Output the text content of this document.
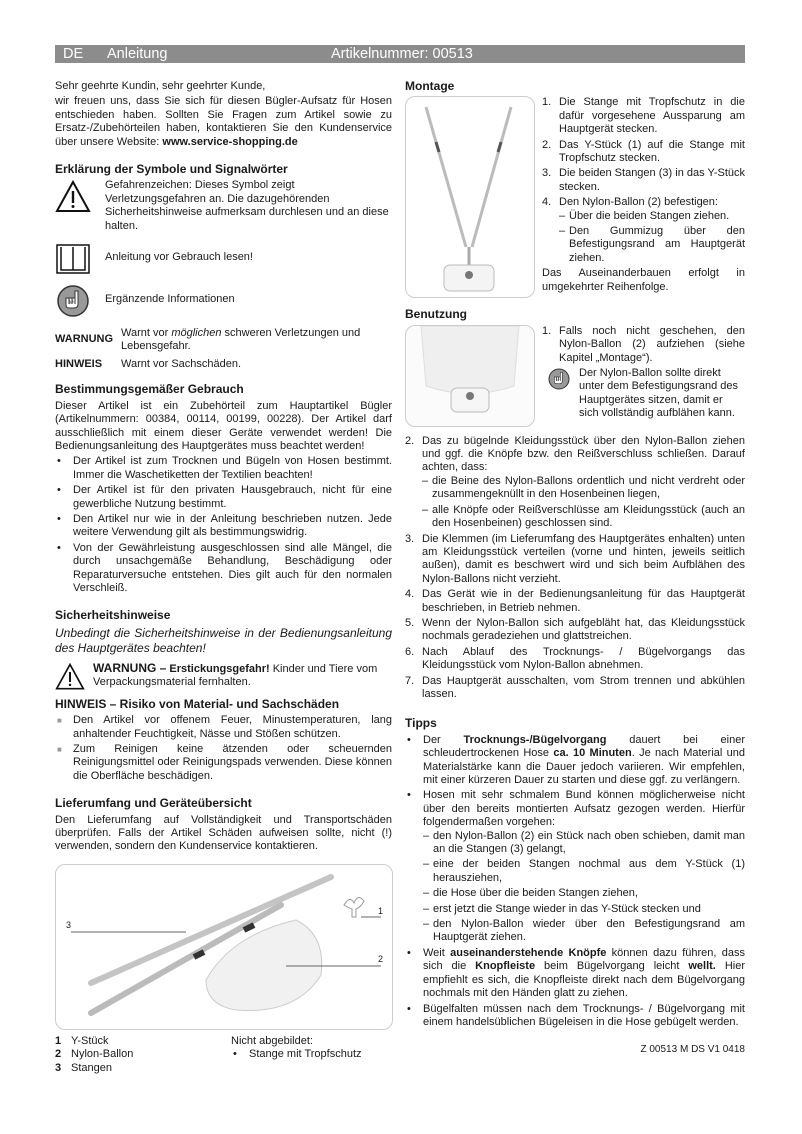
DE Anleitung	Artikelnummer: 00513

Sehr geehrte Kundin, sehr geehrter Kunde,

wir freuen uns, dass Sie sich für diesen Bügler-Aufsatz für Hosen entschieden haben. Sollten Sie Fragen zum Artikel sowie zu Ersatz-/Zubehörteilen haben, kontaktieren Sie den Kundenservice über unsere Website: www.service-shopping.de

Erklärung der Symbole und Signalwörter

Gefahrenzeichen: Dieses Symbol zeigt Verletzungsgefahren an. Die dazugehörenden Sicherheitshinweise aufmerksam durchlesen und an diese halten.

Anleitung vor Gebrauch lesen!

Ergänzende Informationen

WARNUNG Warnt vor möglichen schweren Verletzungen und Lebensgefahr.
HINWEIS	Warnt vor Sachschäden.
Bestimmungsgemäßer Gebrauch

Dieser Artikel ist ein Zubehörteil zum Hauptartikel Bügler (Artikelnummern: 00384, 00114, 00199, 00228). Der Artikel darf ausschließlich mit einem dieser Geräte verwendet werden! Die Bedienungsanleitung des Hauptgerätes muss beachtet werden!

• Der Artikel ist zum Trocknen und Bügeln von Hosen bestimmt. Immer die Waschetiketten der Textilien beachten!
• Der Artikel ist für den privaten Hausgebrauch, nicht für eine gewerbliche Nutzung bestimmt.
• Den Artikel nur wie in der Anleitung beschrieben nutzen. Jede weitere Verwendung gilt als bestimmungswidrig.
• Von der Gewährleistung ausgeschlossen sind alle Mängel, die durch unsachgemäße Behandlung, Beschädigung oder Reparaturversuche entstehen. Dies gilt auch für den normalen Verschleiß.
Sicherheitshinweise

Unbedingt die Sicherheitshinweise in der Bedienungsanleitung des Hauptgerätes beachten!

WARNUNG – Erstickungsgefahr! Kinder und Tiere vom Verpackungsmaterial fernhalten.

HINWEIS – Risiko von Material- und Sachschäden
■ Den Artikel vor offenem Feuer, Minustemperaturen, lang anhaltender Feuchtigkeit, Nässe und Stößen schützen.
■ Zum Reinigen keine ätzenden oder scheuernden Reinigungsmittel oder Reinigungspads verwenden. Diese können die Oberfläche beschädigen.
Lieferumfang und Geräteübersicht

Den Lieferumfang auf Vollständigkeit und Transportschäden überprüfen. Falls der Artikel Schäden aufweisen sollte, nicht (!) verwenden, sondern den Kundenservice kontaktieren.

3
1
2
1 Y-Stück
2 Nylon-Ballon
3 Stangen
Nicht abgebildet:
• Stange mit Tropfschutz
Montage
1. Die Stange mit Tropfschutz in die dafür vorgesehene Aussparung am Hauptgerät stecken.
2. Das Y-Stück (1) auf die Stange mit Tropfschutz stecken.
3. Die beiden Stangen (3) in das Y-Stück stecken.
4. Den Nylon-Ballon (2) befestigen:
– Über die beiden Stangen ziehen.
– Den Gummizug über den Befestigungsrand am Hauptgerät ziehen.

Das Auseinanderbauen erfolgt in umgekehrter Reihenfolge.

Benutzung
1. Falls noch nicht geschehen, den Nylon-Ballon (2) aufziehen (siehe Kapitel „Montage“).

Der Nylon-Ballon sollte direkt unter dem Befestigungsrand des Hauptgerätes sitzen, damit er sich vollständig aufblähen kann.

2. Das zu bügelnde Kleidungsstück über den Nylon-Ballon ziehen und ggf. die Knöpfe bzw. den Reißverschluss schließen. Darauf achten, dass:
– die Beine des Nylon-Ballons ordentlich und nicht verdreht oder zusammengeknüllt in den Hosenbeinen liegen,
– alle Knöpfe oder Reißverschlüsse am Kleidungsstück (auch an den Hosenbeinen) geschlossen sind.
3. Die Klemmen (im Lieferumfang des Hauptgerätes enhalten) unten am Kleidungsstück verteilen (vorne und hinten, jeweils seitlich außen), damit es beschwert wird und sich beim Aufblähen des Nylon-Ballons nicht verzieht.
4. Das Gerät wie in der Bedienungsanleitung für das Hauptgerät beschrieben, in Betrieb nehmen.
5. Wenn der Nylon-Ballon sich aufgebläht hat, das Kleidungsstück nochmals geradeziehen und glattstreichen.
6. Nach Ablauf des Trocknungs- / Bügelvorgangs das Kleidungsstück vom Nylon-Ballon abnehmen.
7. Das Hauptgerät ausschalten, vom Strom trennen und abkühlen lassen.
Tipps
• Der Trocknungs-/Bügelvorgang dauert bei einer schleudertrockenen Hose ca. 10 Minuten. Je nach Material und Materialstärke kann die Dauer jedoch variieren. Wir empfehlen, mit einer kürzeren Dauer zu starten und diese ggf. zu verlängern.
• Hosen mit sehr schmalem Bund können möglicherweise nicht über den bereits montierten Aufsatz gezogen werden. Hierfür folgendermaßen vorgehen:
– den Nylon-Ballon (2) ein Stück nach oben schieben, damit man an die Stangen (3) gelangt,
– eine der beiden Stangen nochmal aus dem Y-Stück (1) herausziehen,
– die Hose über die beiden Stangen ziehen,
– erst jetzt die Stange wieder in das Y-Stück stecken und
– den Nylon-Ballon wieder über den Befestigungsrand am Hauptgerät ziehen.
• Weit auseinanderstehende Knöpfe können dazu führen, dass sich die Knopfleiste beim Bügelvorgang leicht wellt. Hier empfiehlt es sich, die Knopfleiste direkt nach dem Bügelvorgang nochmals mit den Händen glatt zu ziehen.
• Bügelfalten müssen nach dem Trocknungs- / Bügelvorgang mit einem handelsüblichen Bügeleisen in die Hose gebügelt werden.
Z 00513 M DS V1 0418
